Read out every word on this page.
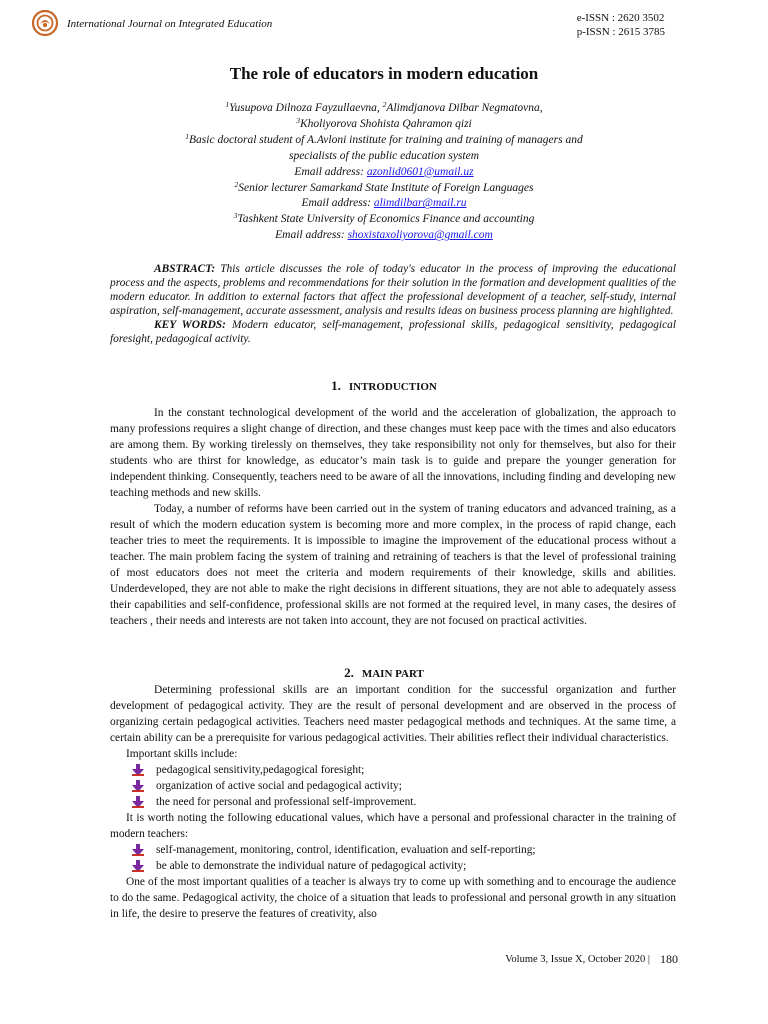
International Journal on Integrated Education	e-ISSN : 2620 3502
p-ISSN : 2615 3785
The role of educators in modern education

$^1$Yusupova Dilnoza Fayzullaevna, $^2$Alimdjanova Dilbar Negmatovna,

$^3$Kholiyorova Shohista Qahramon qizi

$^1$Basic doctoral student of A.Avloni institute for training and training of managers and

specialists of the public education system

Email address: azonlid0601@umail.uz

$^2$Senior lecturer Samarkand State Institute of Foreign Languages

Email address: alimdilbar@mail.ru

$^3$Tashkent State University of Economics Finance and accounting

Email address: shoxistaxoliyorova@gmail.com

ABSTRACT: This article discusses the role of today's educator in the process of improving the educational process and the aspects, problems and recommendations for their solution in the formation and development qualities of the modern educator. In addition to external factors that affect the professional development of a teacher, self-study, internal aspiration, self-management, accurate assessment, analysis and results ideas on business process planning are highlighted.

KEY WORDS: Modern educator, self-management, professional skills, pedagogical sensitivity, pedagogical foresight, pedagogical activity.

1. INTRODUCTION

In the constant technological development of the world and the acceleration of globalization, the approach to many professions requires a slight change of direction, and these changes must keep pace with the times and also educators are among them. By working tirelessly on themselves, they take responsibility not only for themselves, but also for their students who are thirst for knowledge, as educator’s main task is to guide and prepare the younger generation for independent thinking. Consequently, teachers need to be aware of all the innovations, including finding and developing new teaching methods and new skills.

Today, a number of reforms have been carried out in the system of traning educators and advanced training, as a result of which the modern education system is becoming more and more complex, in the process of rapid change, each teacher tries to meet the requirements. It is impossible to imagine the improvement of the educational process without a teacher. The main problem facing the system of training and retraining of teachers is that the level of professional training of most educators does not meet the criteria and modern requirements of their knowledge, skills and abilities. Underdeveloped, they are not able to make the right decisions in different situations, they are not able to adequately assess their capabilities and self-confidence, professional skills are not formed at the required level, in many cases, the desires of teachers , their needs and interests are not taken into account, they are not focused on practical activities.

2. MAIN PART

Determining professional skills are an important condition for the successful organization and further development of pedagogical activity. They are the result of personal development and are observed in the process of organizing certain pedagogical activities. Teachers need master pedagogical methods and techniques. At the same time, a certain ability can be a prerequisite for various pedagogical activities. Their abilities reflect their individual characteristics.

Important skills include:

pedagogical sensitivity,pedagogical foresight;
organization of active social and pedagogical activity;
the need for personal and professional self-improvement.

It is worth noting the following educational values, which have a personal and professional character in the training of modern teachers:

self-management, monitoring, control, identification, evaluation and self-reporting;
be able to demonstrate the individual nature of pedagogical activity;

One of the most important qualities of a teacher is always try to come up with something and to encourage the audience to do the same. Pedagogical activity, the choice of a situation that leads to professional and personal growth in any situation in life, the desire to preserve the features of creativity, also

Volume 3, Issue X, October 2020 | 180
